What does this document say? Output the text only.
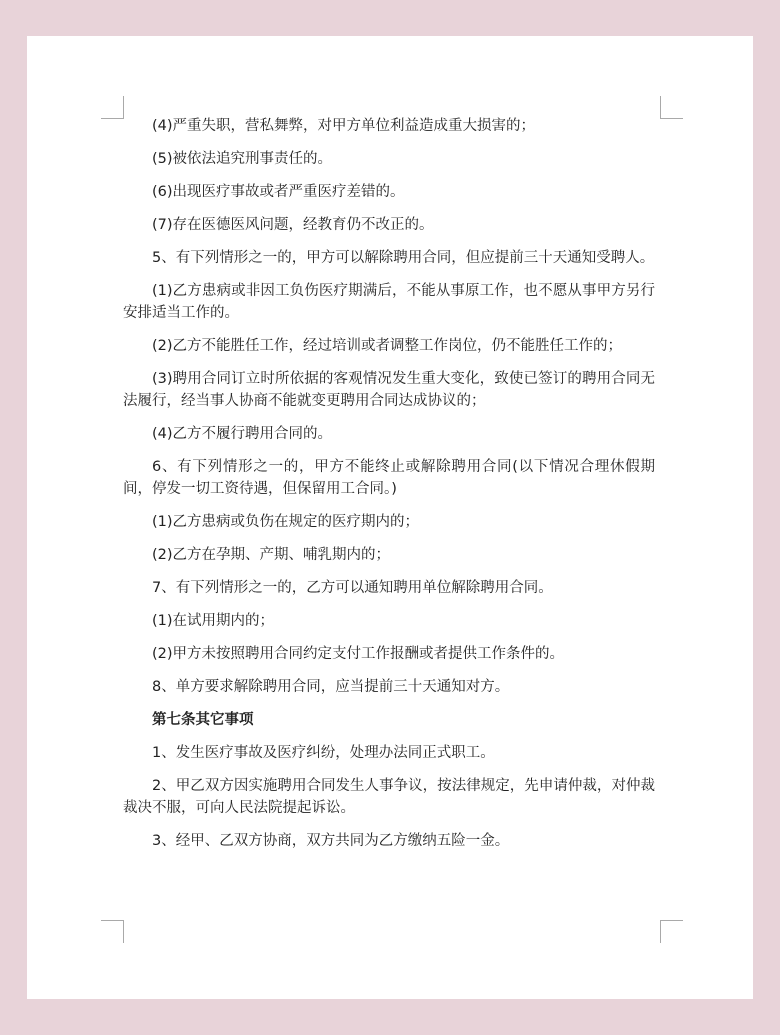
(4)严重失职，营私舞弊，对甲方单位利益造成重大损害的；

(5)被依法追究刑事责任的。

(6)出现医疗事故或者严重医疗差错的。

(7)存在医德医风问题，经教育仍不改正的。

5、有下列情形之一的，甲方可以解除聘用合同，但应提前三十天通知受聘人。

(1)乙方患病或非因工负伤医疗期满后，不能从事原工作，也不愿从事甲方另行安排适当工作的。

(2)乙方不能胜任工作，经过培训或者调整工作岗位，仍不能胜任工作的；

(3)聘用合同订立时所依据的客观情况发生重大变化，致使已签订的聘用合同无法履行，经当事人协商不能就变更聘用合同达成协议的；

(4)乙方不履行聘用合同的。

6、有下列情形之一的，甲方不能终止或解除聘用合同(以下情况合理休假期间，停发一切工资待遇，但保留用工合同。)

(1)乙方患病或负伤在规定的医疗期内的；

(2)乙方在孕期、产期、哺乳期内的；

7、有下列情形之一的，乙方可以通知聘用单位解除聘用合同。

(1)在试用期内的；

(2)甲方未按照聘用合同约定支付工作报酬或者提供工作条件的。

8、单方要求解除聘用合同，应当提前三十天通知对方。

第七条其它事项

1、发生医疗事故及医疗纠纷，处理办法同正式职工。

2、甲乙双方因实施聘用合同发生人事争议，按法律规定，先申请仲裁，对仲裁裁决不服，可向人民法院提起诉讼。

3、经甲、乙双方协商，双方共同为乙方缴纳五险一金。
